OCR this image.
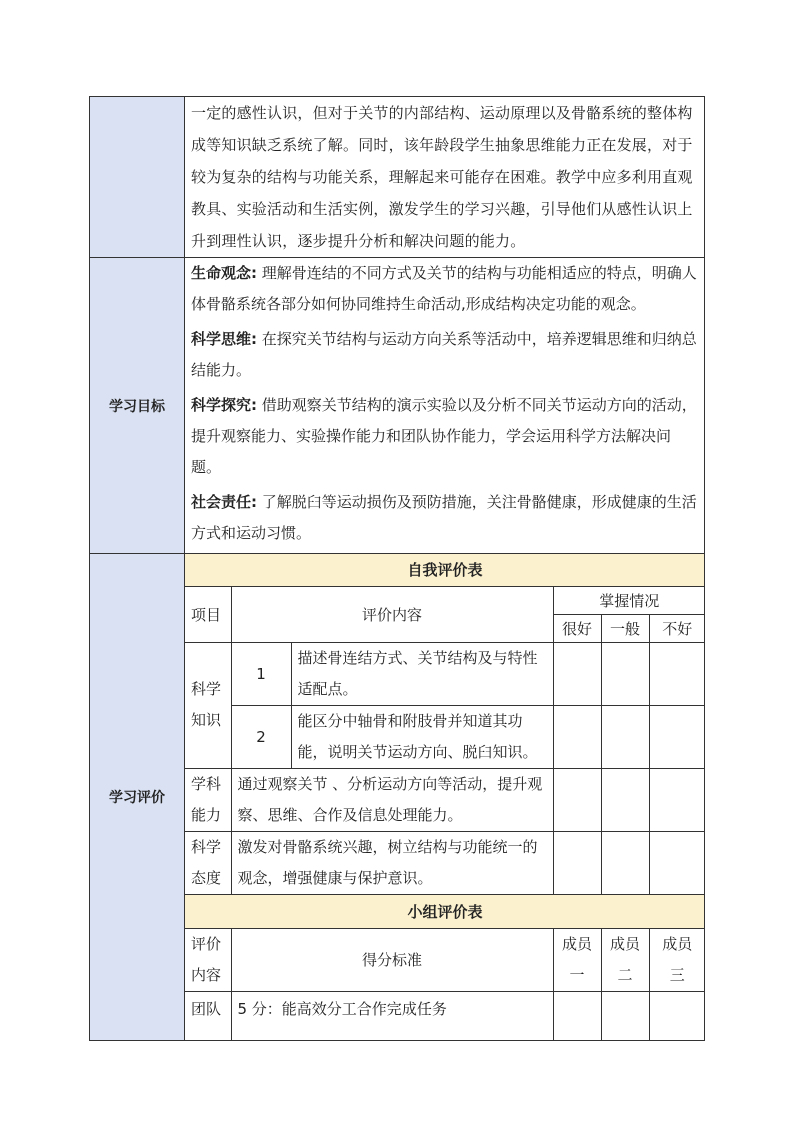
一定的感性认识，但对于关节的内部结构、运动原理以及骨骼系统的整体构成等知识缺乏系统了解。同时，该年龄段学生抽象思维能力正在发展，对于较为复杂的结构与功能关系，理解起来可能存在困难。教学中应多利用直观教具、实验活动和生活实例，激发学生的学习兴趣，引导他们从感性认识上升到理性认识，逐步提升分析和解决问题的能力。

学习目标	
生命观念: 理解骨连结的不同方式及关节的结构与功能相适应的特点，明确人体骨骼系统各部分如何协同维持生命活动,形成结构决定功能的观念。
科学思维: 在探究关节结构与运动方向关系等活动中，培养逻辑思维和归纳总结能力。
科学探究: 借助观察关节结构的演示实验以及分析不同关节运动方向的活动，提升观察能力、实验操作能力和团队协作能力，学会运用科学方法解决问题。
社会责任: 了解脱臼等运动损伤及预防措施，关注骨骼健康，形成健康的生活方式和运动习惯。

学习评价	
自我评价表
项目	评价内容	掌握情况
很好	一般	不好
科学知识	1	描述骨连结方式、关节结构及与特性适配点。			
2	能区分中轴骨和附肢骨并知道其功能，说明关节运动方向、脱臼知识。			
学科能力	通过观察关节 、分析运动方向等活动，提升观察、思维、合作及信息处理能力。			
科学态度	激发对骨骼系统兴趣，树立结构与功能统一的观念，增强健康与保护意识。			
小组评价表
评价内容	得分标准	成员一	成员二	成员三
团队	5 分：能高效分工合作完成任务			
